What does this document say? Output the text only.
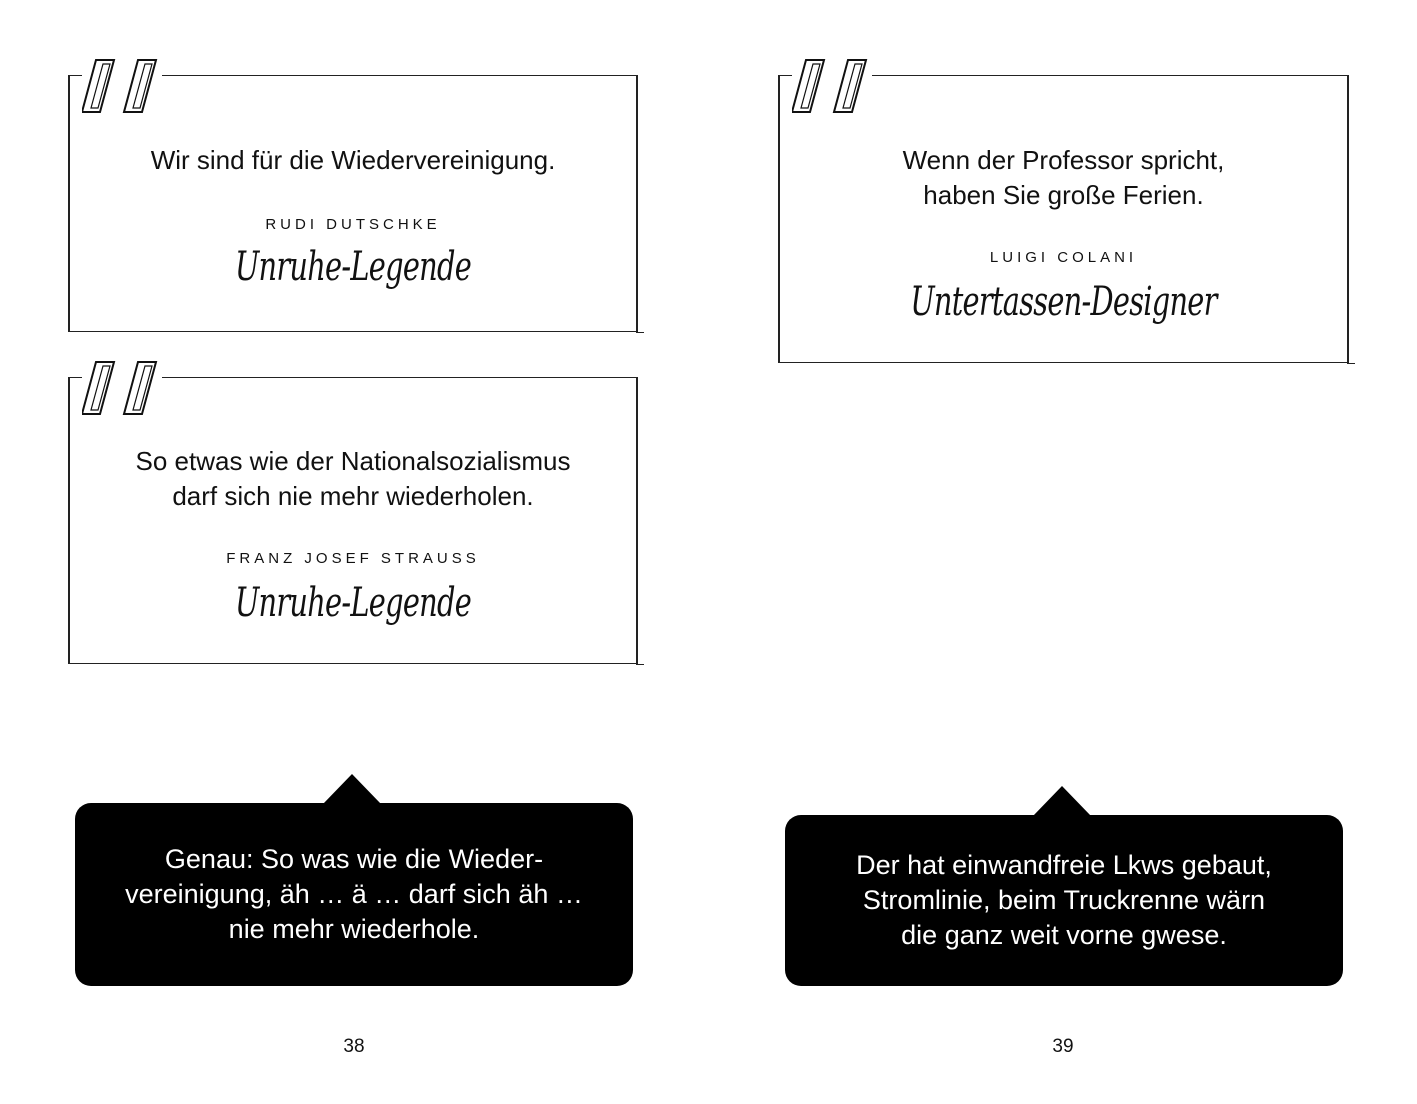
Wir sind für die Wiedervereinigung.
RUDI DUTSCHKE
Unruhe-Legende
So etwas wie der Nationalsozialismus
darf sich nie mehr wiederholen.
FRANZ JOSEF STRAUSS
Unruhe-Legende
Genau: So was wie die Wieder-
vereinigung, äh … ä … darf sich äh …
nie mehr wiederhole.
38
Wenn der Professor spricht,
haben Sie große Ferien.
LUIGI COLANI
Untertassen-Designer
Der hat einwandfreie Lkws gebaut,
Stromlinie, beim Truckrenne wärn
die ganz weit vorne gwese.
39
